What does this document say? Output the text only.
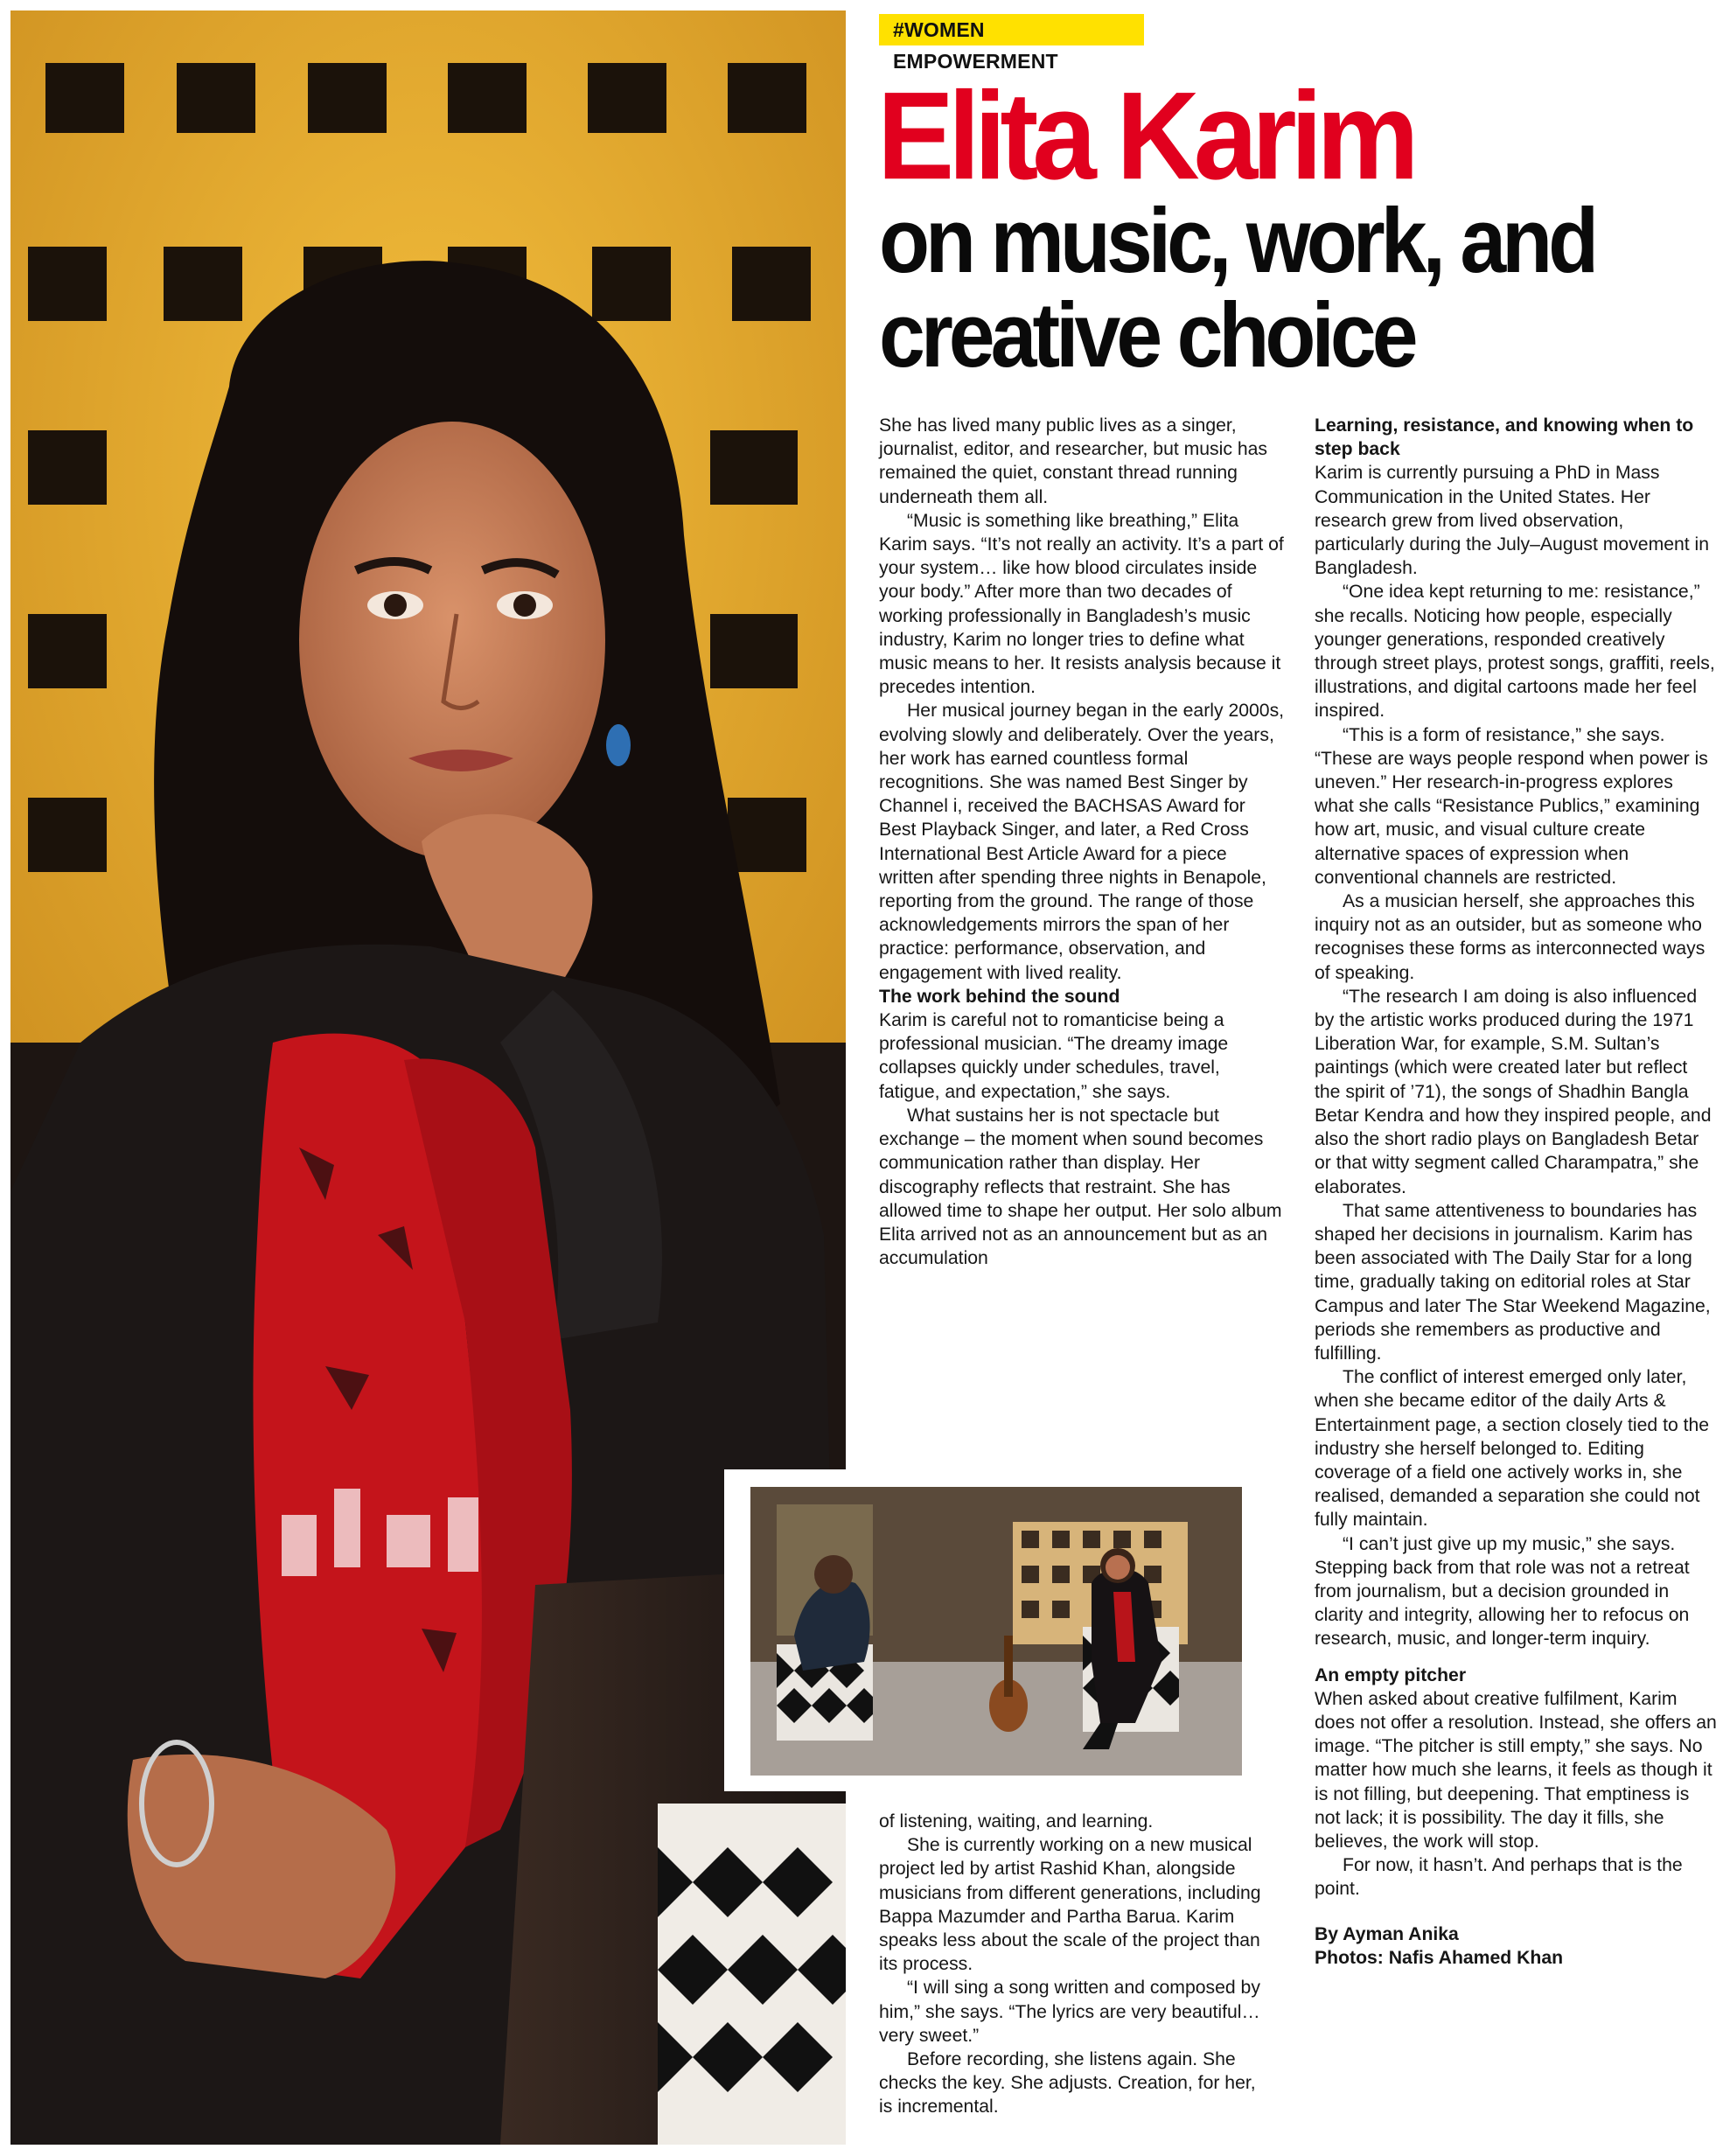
#WOMEN EMPOWERMENT
Elita Karim
on music, work, and creative choice

She has lived many public lives as a singer, journalist, editor, and researcher, but music has remained the quiet, constant thread running underneath them all.

“Music is something like breathing,” Elita Karim says. “It’s not really an activity. It’s a part of your system… like how blood circulates inside your body.” After more than two decades of working professionally in Bangladesh’s music industry, Karim no longer tries to define what music means to her. It resists analysis because it precedes intention.

Her musical journey began in the early 2000s, evolving slowly and deliberately. Over the years, her work has earned countless formal recognitions. She was named Best Singer by Channel i, received the BACHSAS Award for Best Playback Singer, and later, a Red Cross International Best Article Award for a piece written after spending three nights in Benapole, reporting from the ground. The range of those acknowledgements mirrors the span of her practice: performance, observation, and engagement with lived reality.

The work behind the sound

Karim is careful not to romanticise being a professional musician. “The dreamy image collapses quickly under schedules, travel, fatigue, and expectation,” she says.

What sustains her is not spectacle but exchange – the moment when sound becomes communication rather than display. Her discography reflects that restraint. She has allowed time to shape her output. Her solo album Elita arrived not as an announcement but as an accumulation

of listening, waiting, and learning.

She is currently working on a new musical project led by artist Rashid Khan, alongside musicians from different generations, including Bappa Mazumder and Partha Barua. Karim speaks less about the scale of the project than its process.

“I will sing a song written and composed by him,” she says. “The lyrics are very beautiful…very sweet.”

Before recording, she listens again. She checks the key. She adjusts. Creation, for her, is incremental.

Learning, resistance, and knowing when to step back

Karim is currently pursuing a PhD in Mass Communication in the United States. Her research grew from lived observation, particularly during the July–August movement in Bangladesh.

“One idea kept returning to me: resistance,” she recalls. Noticing how people, especially younger generations, responded creatively through street plays, protest songs, graffiti, reels, illustrations, and digital cartoons made her feel inspired.

“This is a form of resistance,” she says. “These are ways people respond when power is uneven.” Her research-in-progress explores what she calls “Resistance Publics,” examining how art, music, and visual culture create alternative spaces of expression when conventional channels are restricted.

As a musician herself, she approaches this inquiry not as an outsider, but as someone who recognises these forms as interconnected ways of speaking.

“The research I am doing is also influenced by the artistic works produced during the 1971 Liberation War, for example, S.M. Sultan’s paintings (which were created later but reflect the spirit of ’71), the songs of Shadhin Bangla Betar Kendra and how they inspired people, and also the short radio plays on Bangladesh Betar or that witty segment called Charampatra,” she elaborates.

That same attentiveness to boundaries has shaped her decisions in journalism. Karim has been associated with The Daily Star for a long time, gradually taking on editorial roles at Star Campus and later The Star Weekend Magazine, periods she remembers as productive and fulfilling.

The conflict of interest emerged only later, when she became editor of the daily Arts & Entertainment page, a section closely tied to the industry she herself belonged to. Editing coverage of a field one actively works in, she realised, demanded a separation she could not fully maintain.

“I can’t just give up my music,” she says. Stepping back from that role was not a retreat from journalism, but a decision grounded in clarity and integrity, allowing her to refocus on research, music, and longer-term inquiry.

An empty pitcher

When asked about creative fulfilment, Karim does not offer a resolution. Instead, she offers an image. “The pitcher is still empty,” she says. No matter how much she learns, it feels as though it is not filling, but deepening. That emptiness is not lack; it is possibility. The day it fills, she believes, the work will stop.

For now, it hasn’t. And perhaps that is the point.

By Ayman Anika
Photos: Nafis Ahamed Khan
